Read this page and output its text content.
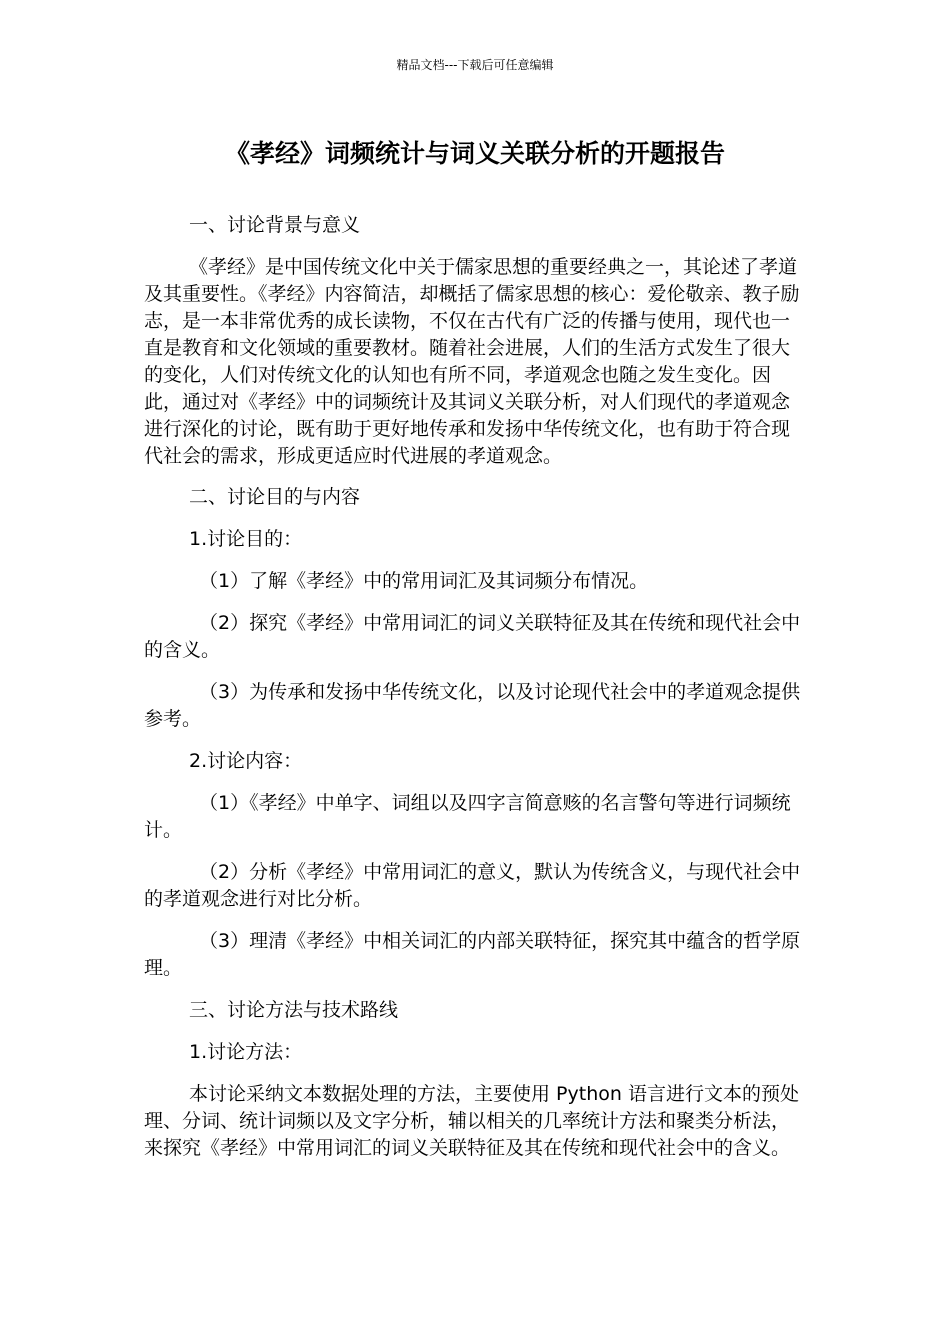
精品文档---下载后可任意编辑
《孝经》词频统计与词义关联分析的开题报告

一、讨论背景与意义

《孝经》是中国传统文化中关于儒家思想的重要经典之一，其论述了孝道及其重要性。《孝经》内容简洁，却概括了儒家思想的核心：爱伦敬亲、教子励志，是一本非常优秀的成长读物，不仅在古代有广泛的传播与使用，现代也一直是教育和文化领域的重要教材。随着社会进展，人们的生活方式发生了很大的变化，人们对传统文化的认知也有所不同，孝道观念也随之发生变化。因此，通过对《孝经》中的词频统计及其词义关联分析，对人们现代的孝道观念进行深化的讨论，既有助于更好地传承和发扬中华传统文化，也有助于符合现代社会的需求，形成更适应时代进展的孝道观念。

二、讨论目的与内容

1.讨论目的：

（1）了解《孝经》中的常用词汇及其词频分布情况。

（2）探究《孝经》中常用词汇的词义关联特征及其在传统和现代社会中的含义。

（3）为传承和发扬中华传统文化，以及讨论现代社会中的孝道观念提供参考。

2.讨论内容：

（1）《孝经》中单字、词组以及四字言简意赅的名言警句等进行词频统计。

（2）分析《孝经》中常用词汇的意义，默认为传统含义，与现代社会中的孝道观念进行对比分析。

（3）理清《孝经》中相关词汇的内部关联特征，探究其中蕴含的哲学原理。

三、讨论方法与技术路线

1.讨论方法：

本讨论采纳文本数据处理的方法，主要使用 Python 语言进行文本的预处理、分词、统计词频以及文字分析，辅以相关的几率统计方法和聚类分析法，来探究《孝经》中常用词汇的词义关联特征及其在传统和现代社会中的含义。
